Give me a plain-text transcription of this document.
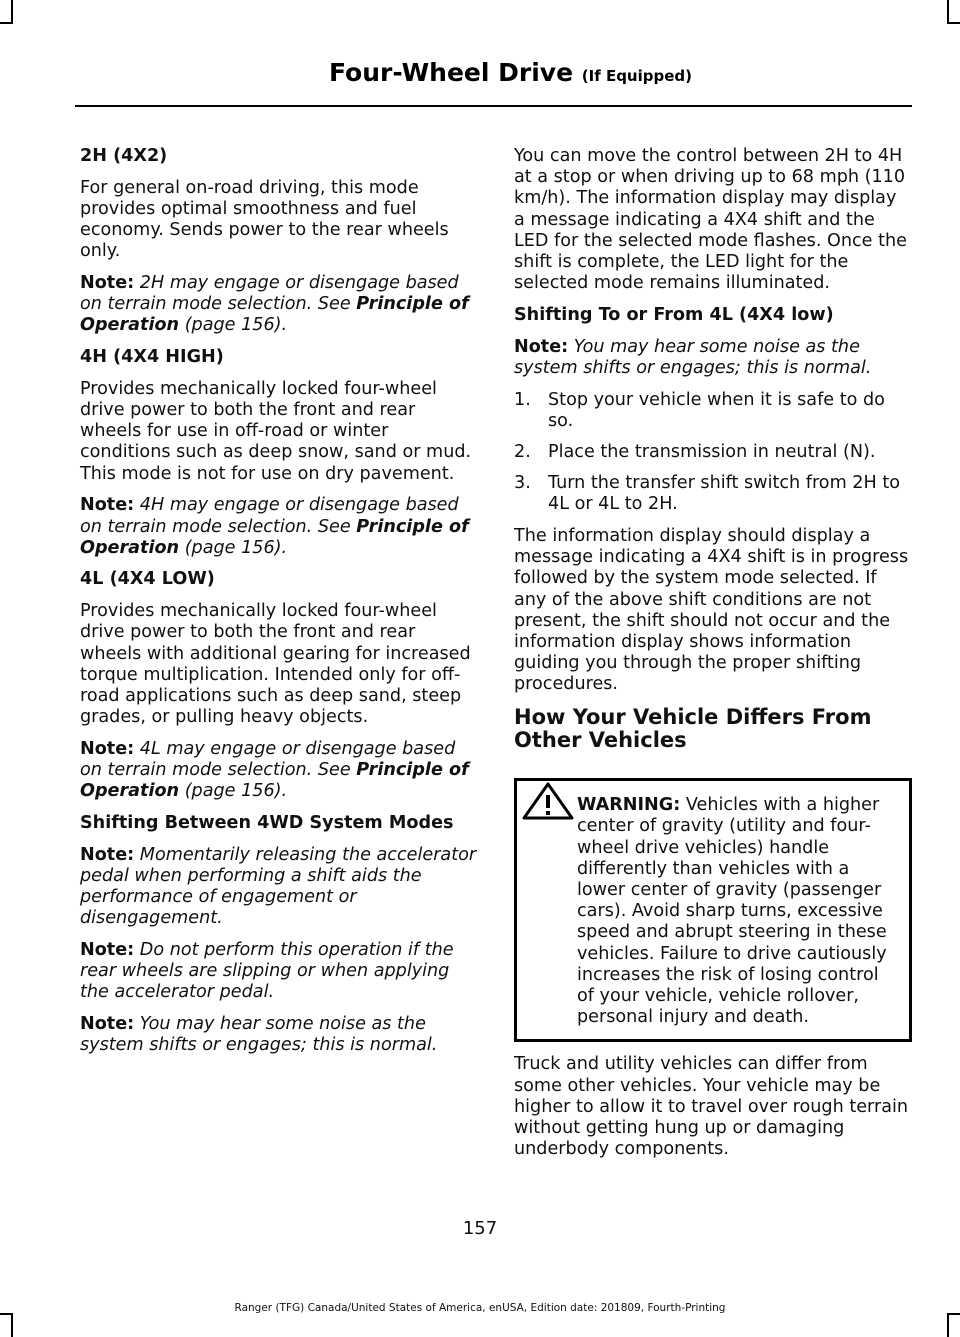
Four-Wheel Drive (If Equipped)
2H (4X2)

For general on-road driving, this mode provides optimal smoothness and fuel economy. Sends power to the rear wheels only.

Note: 2H may engage or disengage based on terrain mode selection. See Principle of Operation (page 156).

4H (4X4 HIGH)

Provides mechanically locked four-wheel drive power to both the front and rear wheels for use in off-road or winter conditions such as deep snow, sand or mud. This mode is not for use on dry pavement.

Note: 4H may engage or disengage based on terrain mode selection. See Principle of Operation (page 156).

4L (4X4 LOW)

Provides mechanically locked four-wheel drive power to both the front and rear wheels with additional gearing for increased torque multiplication. Intended only for off-road applications such as deep sand, steep grades, or pulling heavy objects.

Note: 4L may engage or disengage based on terrain mode selection. See Principle of Operation (page 156).

Shifting Between 4WD System Modes

Note: Momentarily releasing the accelerator pedal when performing a shift aids the performance of engagement or disengagement.

Note: Do not perform this operation if the rear wheels are slipping or when applying the accelerator pedal.

Note: You may hear some noise as the system shifts or engages; this is normal.

You can move the control between 2H to 4H at a stop or when driving up to 68 mph (110 km/h). The information display may display a message indicating a 4X4 shift and the LED for the selected mode flashes. Once the shift is complete, the LED light for the selected mode remains illuminated.

Shifting To or From 4L (4X4 low)

Note: You may hear some noise as the system shifts or engages; this is normal.

1. Stop your vehicle when it is safe to do so.
2. Place the transmission in neutral (N).
3. Turn the transfer shift switch from 2H to 4L or 4L to 2H.

The information display should display a message indicating a 4X4 shift is in progress followed by the system mode selected. If any of the above shift conditions are not present, the shift should not occur and the information display shows information guiding you through the proper shifting procedures.

How Your Vehicle Differs From Other Vehicles
WARNING: Vehicles with a higher center of gravity (utility and four-wheel drive vehicles) handle differently than vehicles with a lower center of gravity (passenger cars). Avoid sharp turns, excessive speed and abrupt steering in these vehicles. Failure to drive cautiously increases the risk of losing control of your vehicle, vehicle rollover, personal injury and death.

Truck and utility vehicles can differ from some other vehicles. Your vehicle may be higher to allow it to travel over rough terrain without getting hung up or damaging underbody components.

157
Ranger (TFG) Canada/United States of America, enUSA, Edition date: 201809, Fourth-Printing
